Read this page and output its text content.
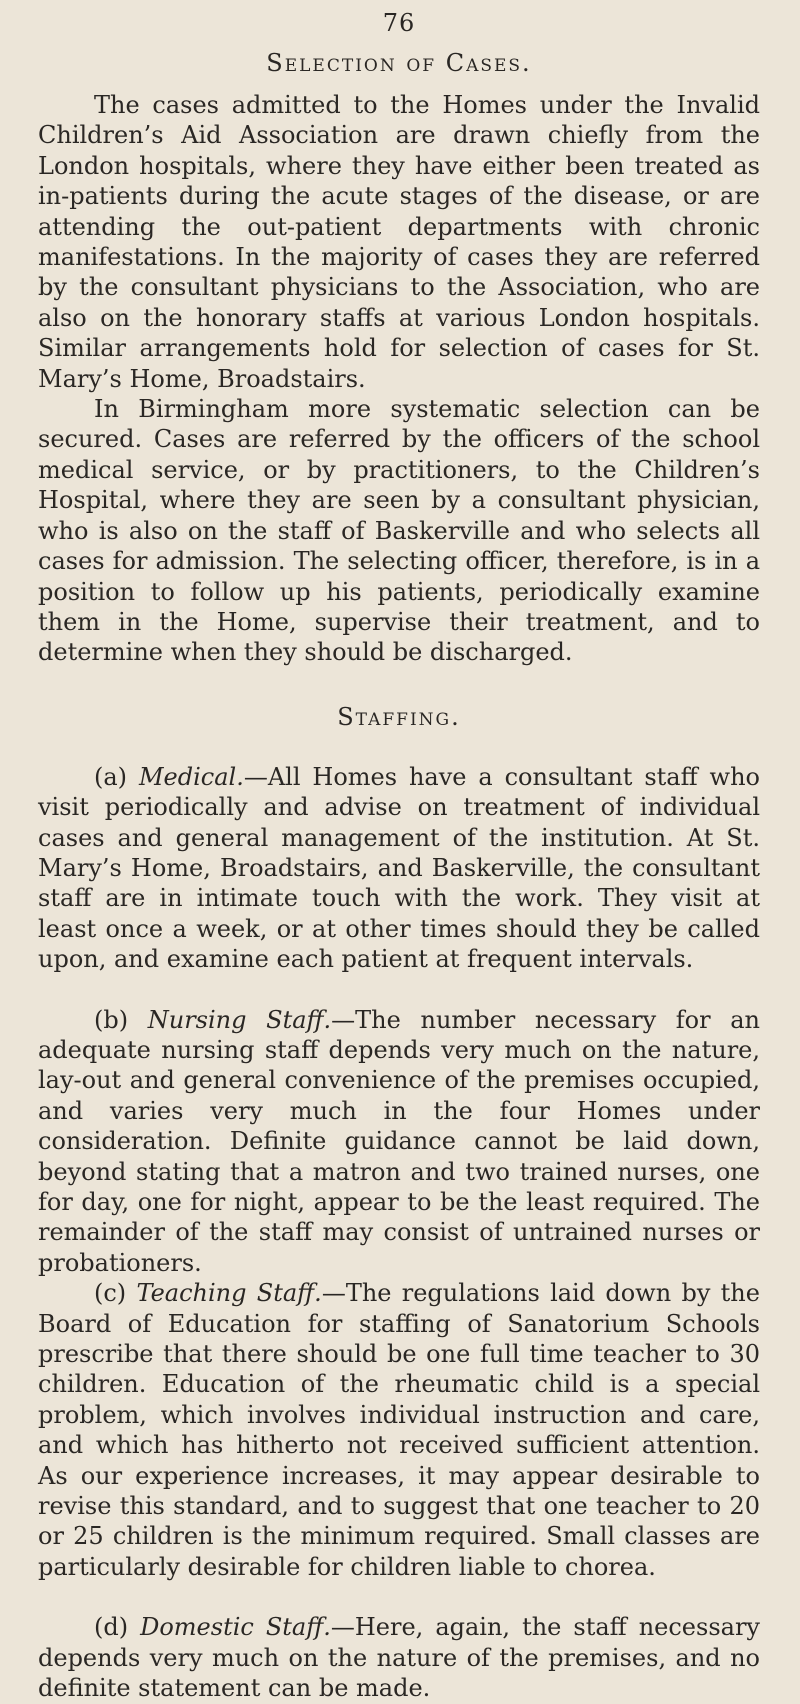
76
Selection of Cases.

The cases admitted to the Homes under the Invalid Children’s Aid Association are drawn chiefly from the London hospitals, where they have either been treated as in-patients during the acute stages of the disease, or are attending the out-patient departments with chronic manifestations. In the majority of cases they are referred by the consultant physicians to the Association, who are also on the honorary staffs at various London hospitals. Similar arrangements hold for selection of cases for St. Mary’s Home, Broadstairs.

In Birmingham more systematic selection can be secured. Cases are referred by the officers of the school medical service, or by practitioners, to the Children’s Hospital, where they are seen by a consultant physician, who is also on the staff of Baskerville and who selects all cases for admission. The selecting officer, therefore, is in a position to follow up his patients, periodically examine them in the Home, supervise their treatment, and to determine when they should be discharged.

Staffing.

(a) Medical.—All Homes have a consultant staff who visit periodically and advise on treatment of individual cases and general management of the institution. At St. Mary’s Home, Broadstairs, and Baskerville, the consultant staff are in intimate touch with the work. They visit at least once a week, or at other times should they be called upon, and examine each patient at frequent intervals.

(b) Nursing Staff.—The number necessary for an adequate nursing staff depends very much on the nature, lay-out and general convenience of the premises occupied, and varies very much in the four Homes under consideration. Definite guidance cannot be laid down, beyond stating that a matron and two trained nurses, one for day, one for night, appear to be the least required. The remainder of the staff may consist of untrained nurses or probationers.

(c) Teaching Staff.—The regulations laid down by the Board of Education for staffing of Sanatorium Schools prescribe that there should be one full time teacher to 30 children. Education of the rheumatic child is a special problem, which involves individual instruction and care, and which has hitherto not received sufficient attention. As our experience increases, it may appear desirable to revise this standard, and to suggest that one teacher to 20 or 25 children is the minimum required. Small classes are particularly desirable for children liable to chorea.

(d) Domestic Staff.—Here, again, the staff necessary depends very much on the nature of the premises, and no definite statement can be made.
